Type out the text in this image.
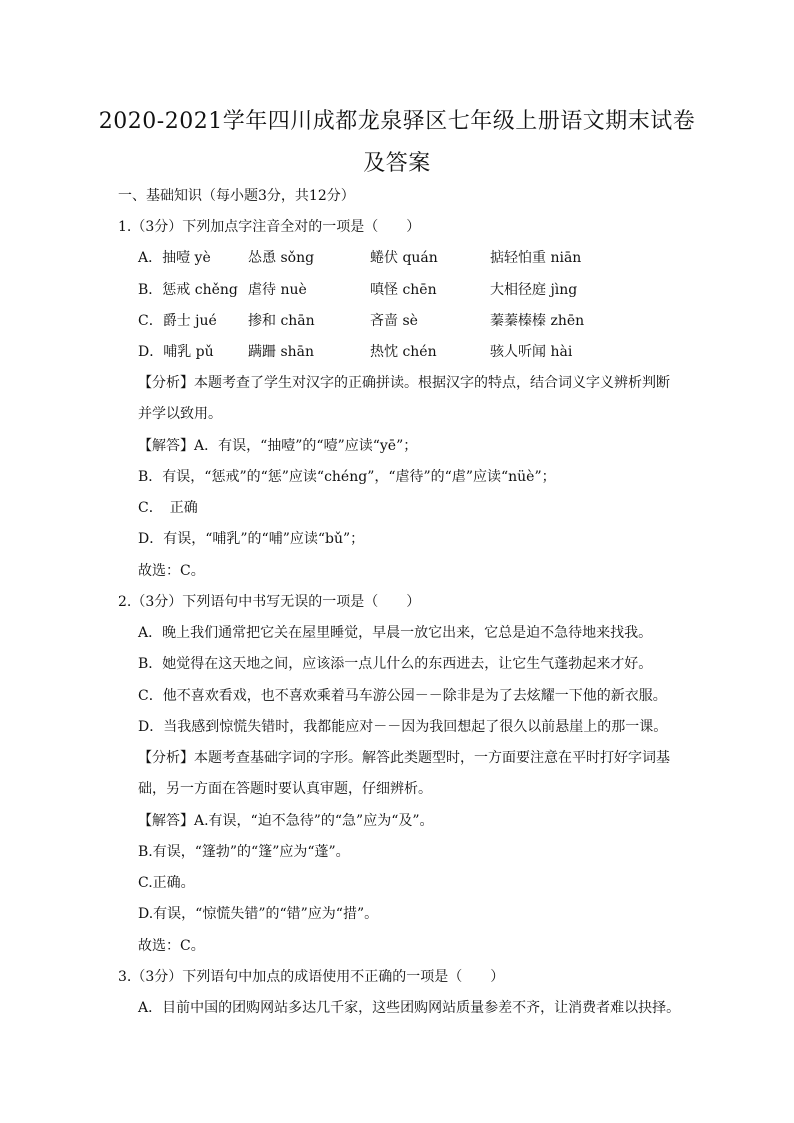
2020-2021学年四川成都龙泉驿区七年级上册语文期末试卷
及答案
一、基础知识（每小题3分，共12分）
1.（3分）下列加点字注音全对的一项是（　　）
A．抽噎 yè	怂恿 sǒng	蜷伏 quán	掂轻怕重 niān
B．惩戒 chěng 虐待 nuè	嗔怪 chēn	大相径庭 jìng
C．爵士 jué 掺和 chān	吝啬 sè	蓁蓁榛榛 zhēn
D．哺乳 pǔ 蹒跚 shān	热忱 chén	骇人听闻 hài
【分析】本题考查了学生对汉字的正确拼读。根据汉字的特点，结合词义字义辨析判断
并学以致用。
【解答】A．有误，“抽噎”的“噎”应读“yē”；
B．有误，“惩戒”的“惩”应读“chéng”，“虐待”的“虐”应读“nüè”；
C．　正确
D．有误，“哺乳”的“哺”应读“bǔ”；
故选：C。
2.（3分）下列语句中书写无误的一项是（　　）
A．晚上我们通常把它关在屋里睡觉，早晨一放它出来，它总是迫不急待地来找我。
B．她觉得在这天地之间，应该添一点儿什么的东西进去，让它生气蓬勃起来才好。
C．他不喜欢看戏，也不喜欢乘着马车游公园－－除非是为了去炫耀一下他的新衣服。
D．当我感到惊慌失错时，我都能应对－－因为我回想起了很久以前悬崖上的那一课。
【分析】本题考查基础字词的字形。解答此类题型时，一方面要注意在平时打好字词基
础，另一方面在答题时要认真审题，仔细辨析。
【解答】A.有误，“迫不急待”的“急”应为“及”。
B.有误，“篷勃”的“篷”应为“蓬”。
C.正确。
D.有误，“惊慌失错”的“错”应为“措”。
故选：C。
3.（3分）下列语句中加点的成语使用不正确的一项是（　　）
A．目前中国的团购网站多达几千家，这些团购网站质量参差不齐，让消费者难以抉择。
